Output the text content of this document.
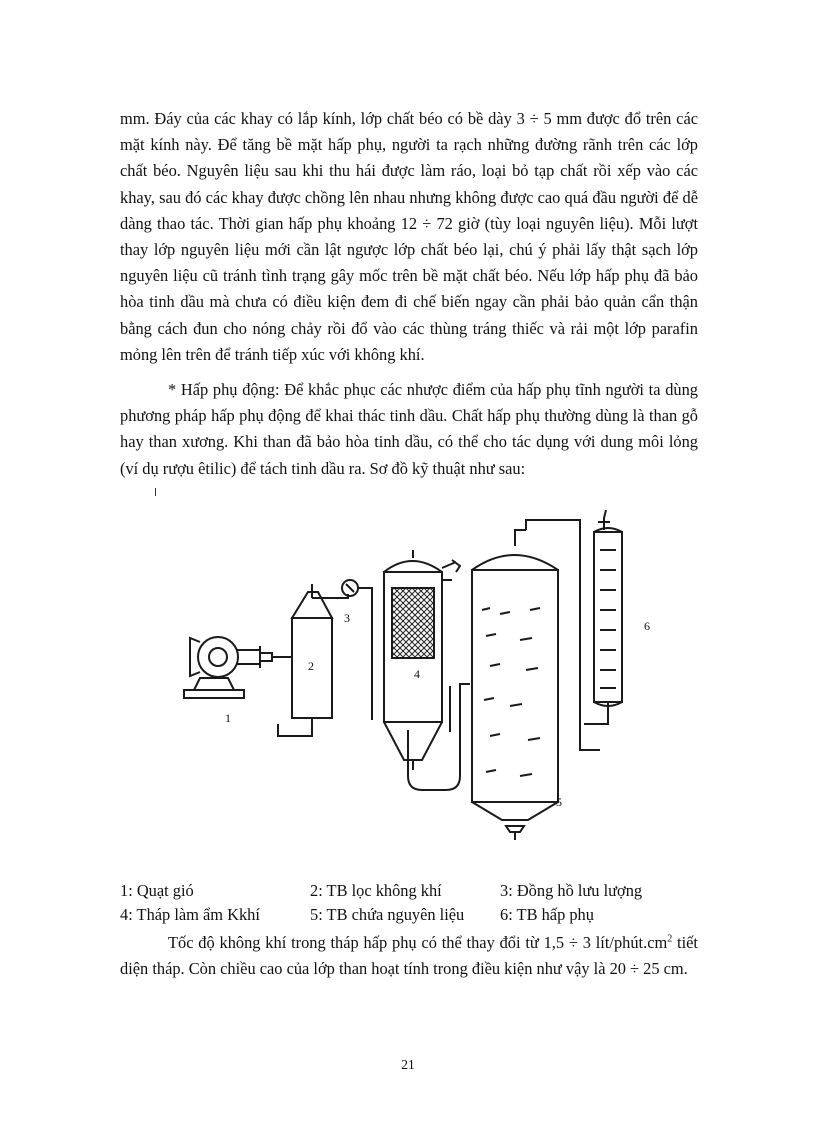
mm. Đáy của các khay có lắp kính, lớp chất béo có bề dày 3 ÷ 5 mm được đổ trên các mặt kính này. Để tăng bề mặt hấp phụ, người ta rạch những đường rãnh trên các lớp chất béo. Nguyên liệu sau khi thu hái được làm ráo, loại bỏ tạp chất rồi xếp vào các khay, sau đó các khay được chồng lên nhau nhưng không được cao quá đầu người để dễ dàng thao tác. Thời gian hấp phụ khoảng 12 ÷ 72 giờ (tùy loại nguyên liệu). Mỗi lượt thay lớp nguyên liệu mới cần lật ngược lớp chất béo lại, chú ý phải lấy thật sạch lớp nguyên liệu cũ tránh tình trạng gây mốc trên bề mặt chất béo. Nếu lớp hấp phụ đã bảo hòa tinh dầu mà chưa có điều kiện đem đi chế biến ngay cần phải bảo quản cẩn thận bằng cách đun cho nóng chảy rồi đổ vào các thùng tráng thiếc và rải một lớp parafin mỏng lên trên để tránh tiếp xúc với không khí.

* Hấp phụ động: Để khắc phục các nhược điểm của hấp phụ tĩnh người ta dùng phương pháp hấp phụ động để khai thác tinh dầu. Chất hấp phụ thường dùng là than gỗ hay than xương. Khi than đã bảo hòa tinh dầu, có thể cho tác dụng với dung môi lỏng (ví dụ rượu êtilic) để tách tinh dầu ra. Sơ đồ kỹ thuật như sau:

1
2
3
4
5
6
1: Quạt gió	2: TB lọc không khí	3: Đồng hồ lưu lượng
4: Tháp làm ẩm Kkhí	5: TB chứa nguyên liệu 6: TB hấp phụ

Tốc độ không khí trong tháp hấp phụ có thể thay đổi từ 1,5 ÷ 3 lít/$phút.cm^2$ tiết diện tháp. Còn chiều cao của lớp than hoạt tính trong điều kiện như vậy là 20 ÷ 25 cm.

21
